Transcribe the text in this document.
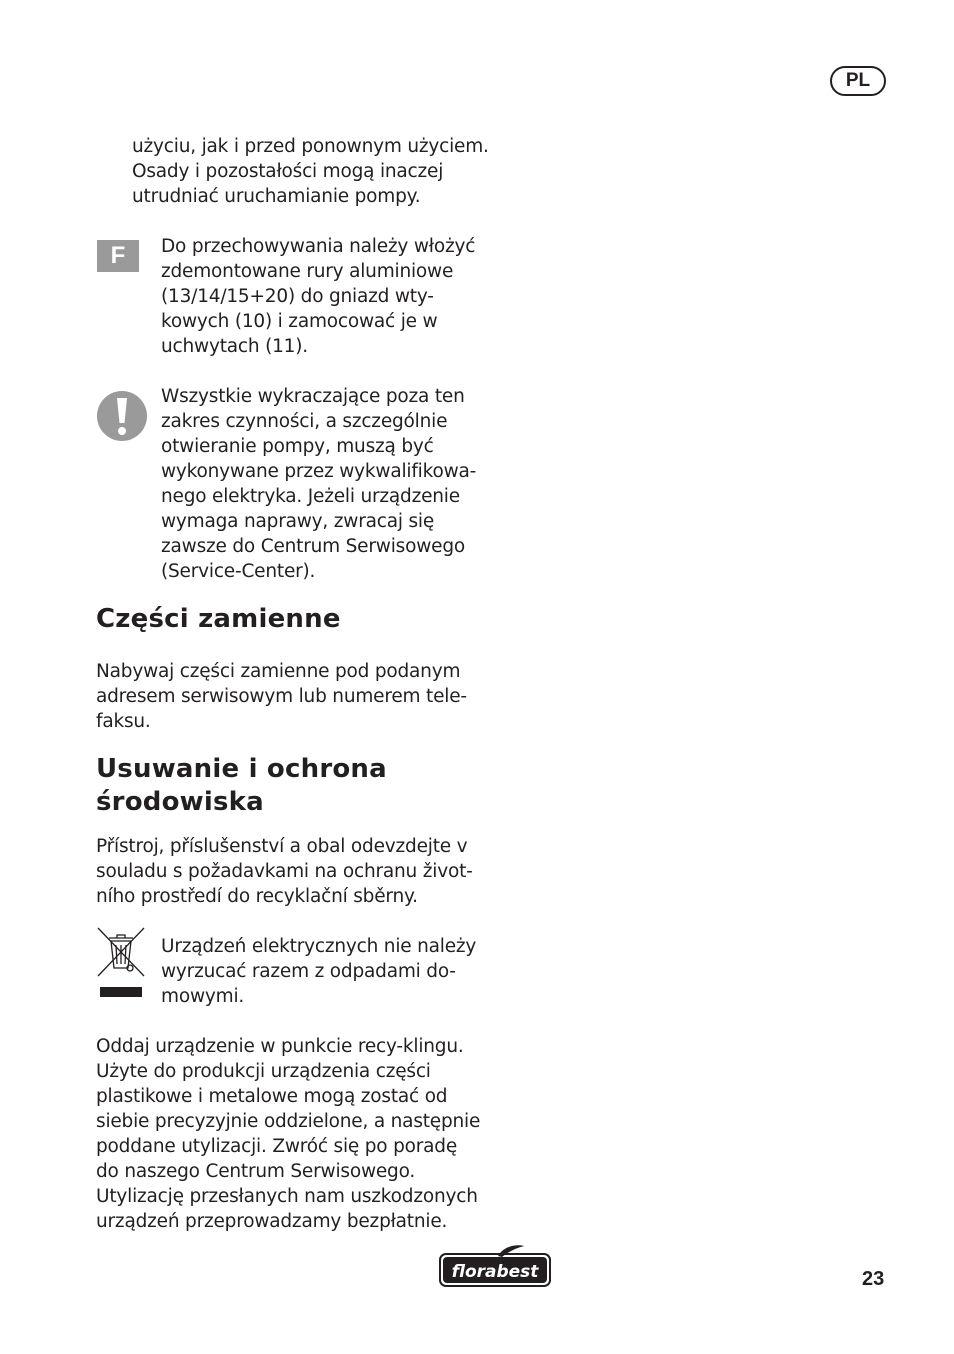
PL

użyciu, jak i przed ponownym użyciem.
Osady i pozostałości mogą inaczej
utrudniać uruchamianie pompy.

F	Do przechowywania należy włożyć
zdemontowane rury aluminiowe
(13/14/15+20) do gniazd wty-
kowych (10) i zamocować je w
uchwytach (11).

Wszystkie wykraczające poza ten
zakres czynności, a szczególnie
otwieranie pompy, muszą być
wykonywane przez wykwalifikowa-
nego elektryka. Jeżeli urządzenie
wymaga naprawy, zwracaj się
zawsze do Centrum Serwisowego
(Service-Center).

Części zamienne

Nabywaj części zamienne pod podanym
adresem serwisowym lub numerem tele-
faksu.

Usuwanie i ochrona
środowiska

Přístroj, příslušenství a obal odevzdejte v
souladu s požadavkami na ochranu život-
ního prostředí do recyklační sběrny.

Urządzeń elektrycznych nie należy
wyrzucać razem z odpadami do-
mowymi.

Oddaj urządzenie w punkcie recy-klingu.
Użyte do produkcji urządzenia części
plastikowe i metalowe mogą zostać od
siebie precyzyjnie oddzielone, a następnie
poddane utylizacji. Zwróć się po poradę
do naszego Centrum Serwisowego.
Utylizację przesłanych nam uszkodzonych
urządzeń przeprowadzamy bezpłatnie.

florabest	23
